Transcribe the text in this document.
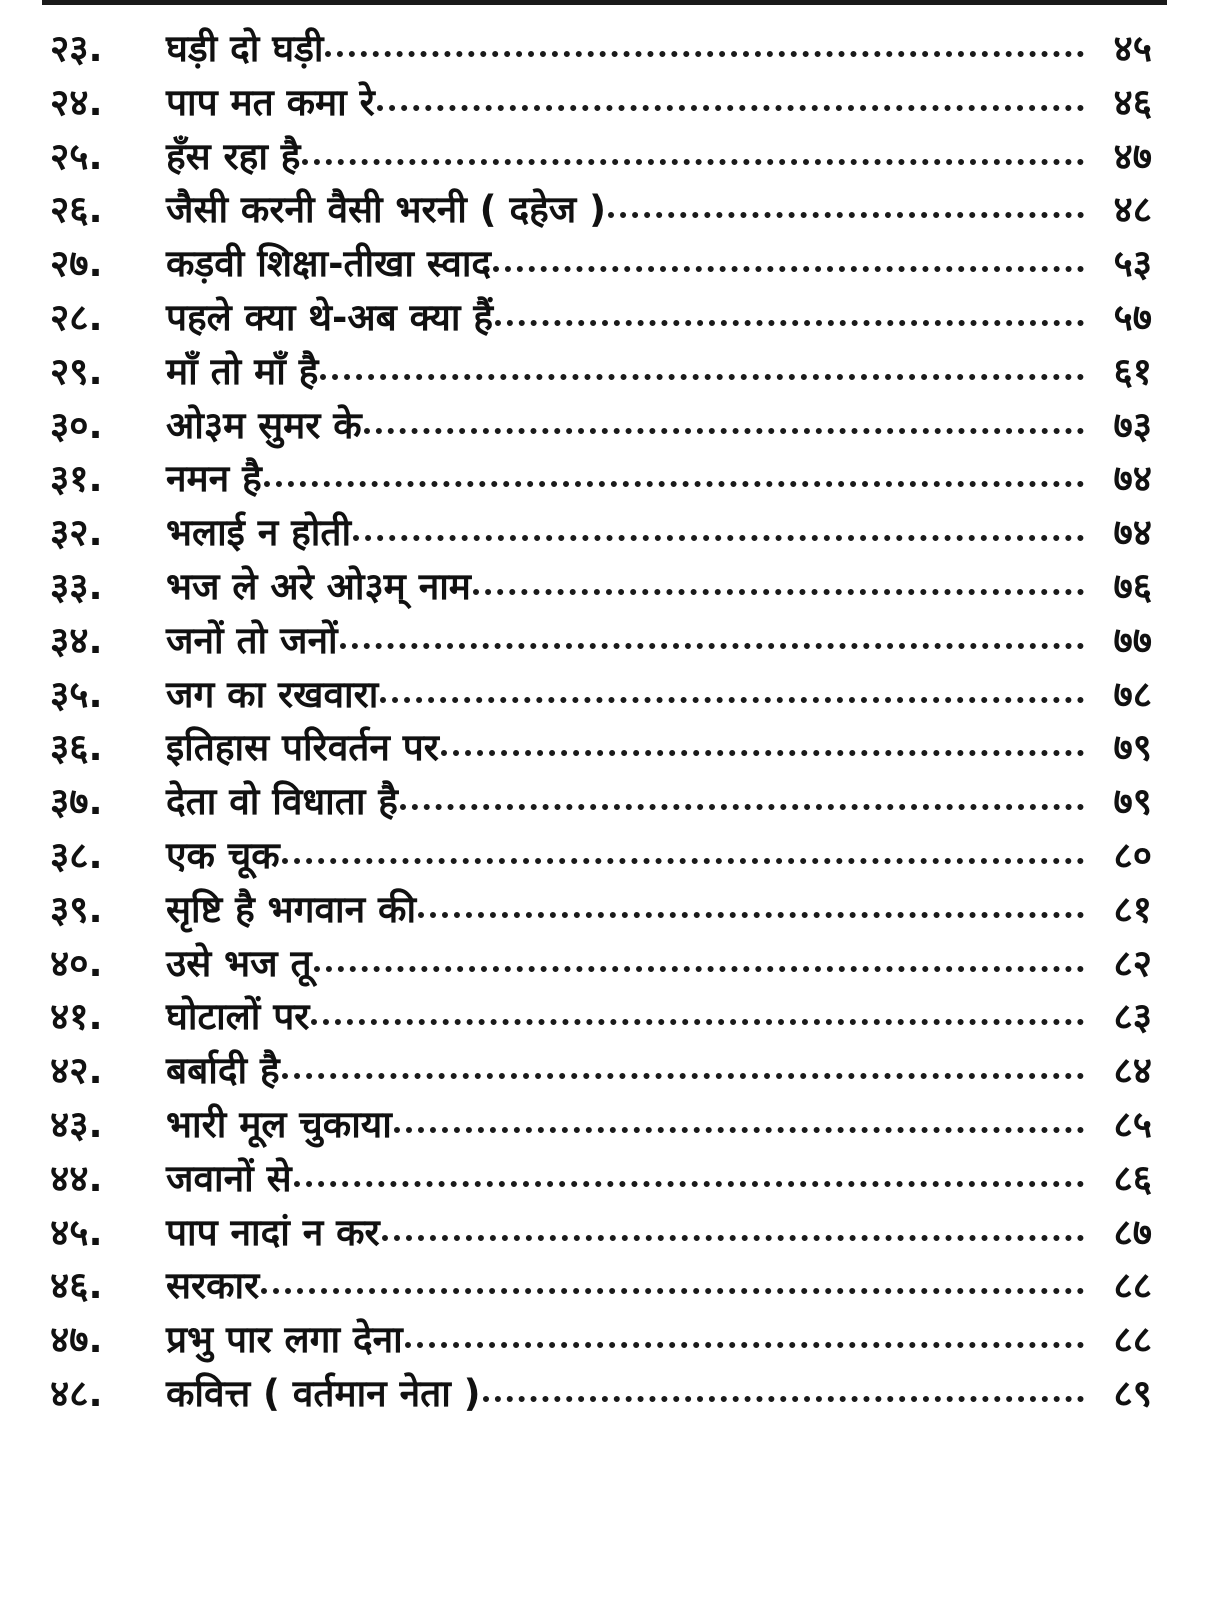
२३.	घड़ी दो घड़ी	४५
२४.	पाप मत कमा रे	४६
२५.	हँस रहा है	४७
२६.	जैसी करनी वैसी भरनी ( दहेज )	४८
२७.	कड़वी शिक्षा-तीखा स्वाद	५३
२८.	पहले क्या थे-अब क्या हैं	५७
२९.	माँ तो माँ है	६१
३०.	ओ३म सुमर के	७३
३१.	नमन है	७४
३२.	भलाई न होती	७४
३३.	भज ले अरे ओ३म् नाम	७६
३४.	जनों तो जनों	७७
३५.	जग का रखवारा	७८
३६.	इतिहास परिवर्तन पर	७९
३७.	देता वो विधाता है	७९
३८.	एक चूक	८०
३९.	सृष्टि है भगवान की	८१
४०.	उसे भज तू	८२
४१.	घोटालों पर	८३
४२.	बर्बादी है	८४
४३.	भारी मूल चुकाया	८५
४४.	जवानों से	८६
४५.	पाप नादां न कर	८७
४६.	सरकार	८८
४७.	प्रभु पार लगा देना	८८
४८.	कवित्त ( वर्तमान नेता )	८९
